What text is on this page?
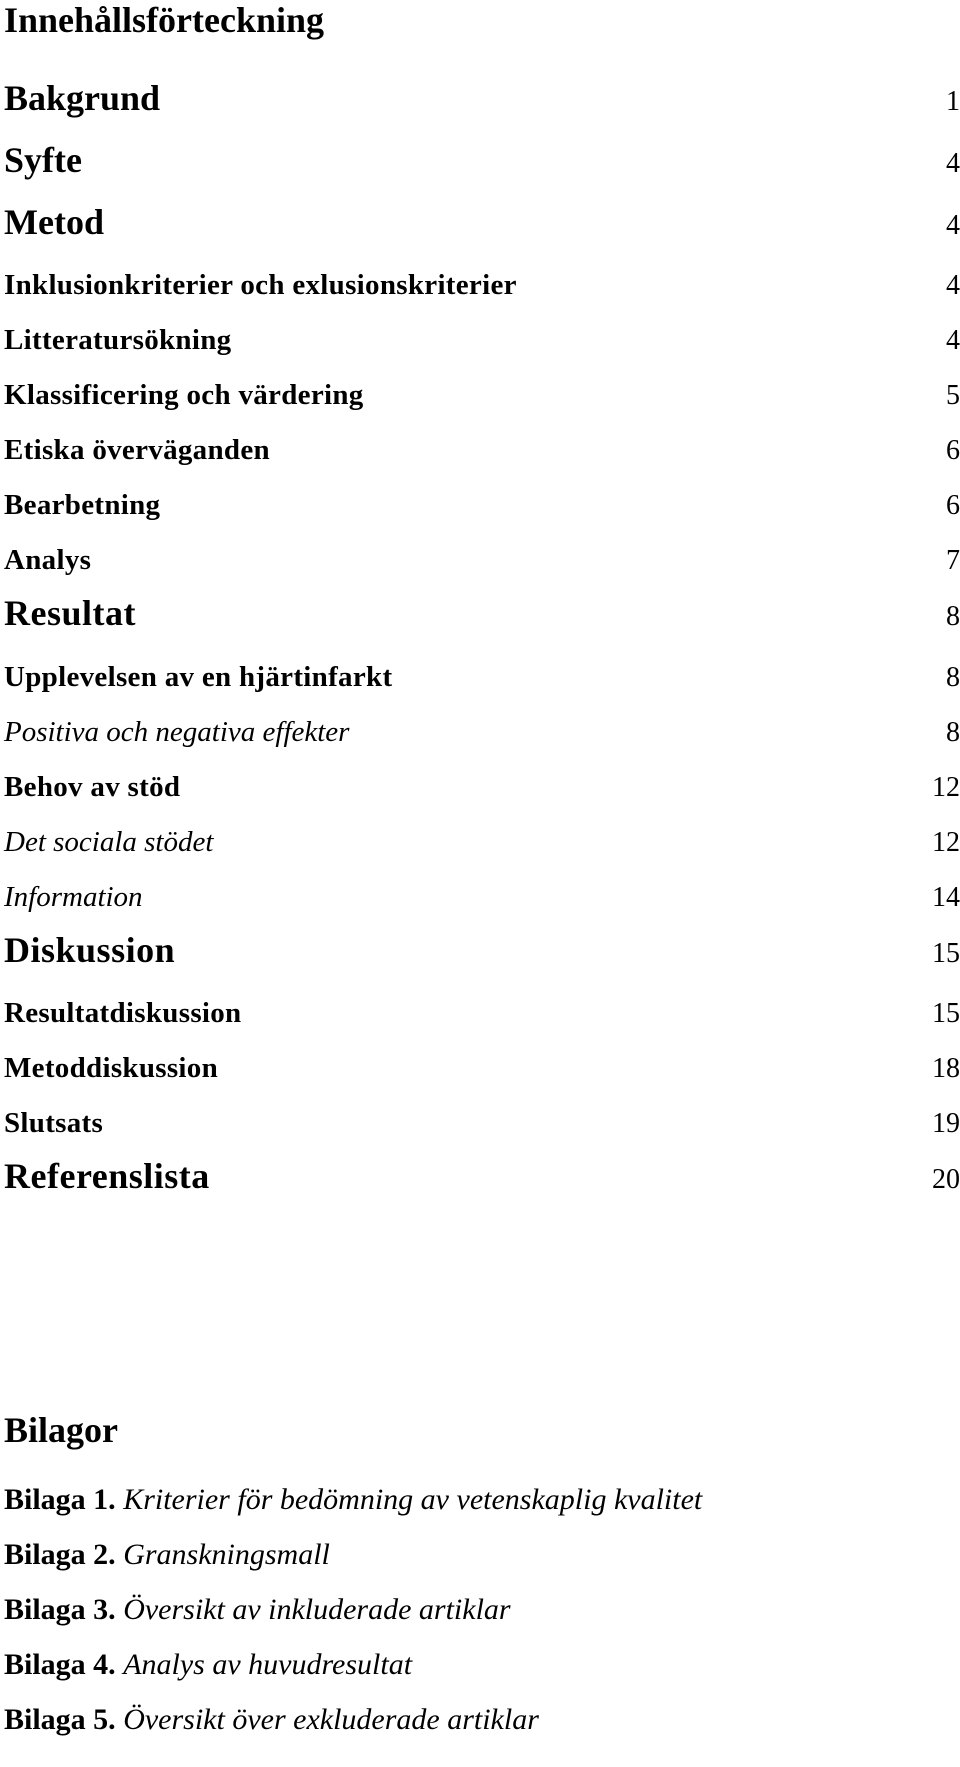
Innehållsförteckning
Bakgrund	1
Syfte	4
Metod	4
Inklusionkriterier och exlusionskriterier	4
Litteratursökning	4
Klassificering och värdering	5
Etiska överväganden	6
Bearbetning	6
Analys	7
Resultat	8
Upplevelsen av en hjärtinfarkt	8
Positiva och negativa effekter	8
Behov av stöd	12
Det sociala stödet	12
Information	14
Diskussion	15
Resultatdiskussion	15
Metoddiskussion	18
Slutsats	19
Referenslista	20
Bilagor
Bilaga 1. Kriterier för bedömning av vetenskaplig kvalitet
Bilaga 2. Granskningsmall
Bilaga 3. Översikt av inkluderade artiklar
Bilaga 4. Analys av huvudresultat
Bilaga 5. Översikt över exkluderade artiklar
